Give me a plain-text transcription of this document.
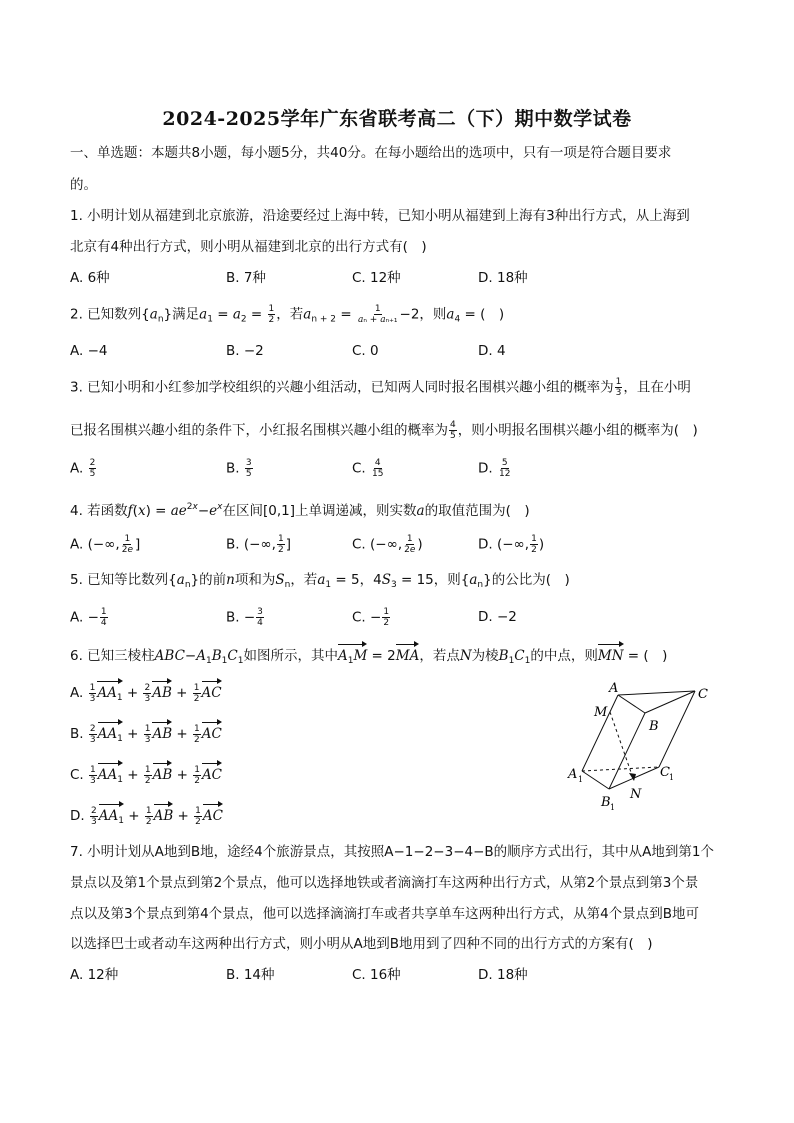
2024-2025学年广东省联考高二（下）期中数学试卷
一、单选题：本题共8小题，每小题5分，共40分。在每小题给出的选项中，只有一项是符合题目要求
的。
1. 小明计划从福建到北京旅游，沿途要经过上海中转，已知小明从福建到上海有3种出行方式，从上海到
北京有4种出行方式，则小明从福建到北京的出行方式有(　)
A. 6种	B. 7种	C. 12种	D. 18种
2. 已知数列$\{a_n\}$满足$a_1 = a_2 = \frac{1}{2}$ ，若$a_{n + 2} = \frac{1}{\text{aₙ + aₙ₊₁}} -2$，则$a_4$ = (　)
A. −4	B. −2	C. 0	D. 4
3. 已知小明和小红参加学校组织的兴趣小组活动，已知两人同时报名围棋兴趣小组的概率为 $\frac{1}{3}$ ，且在小明
已报名围棋兴趣小组的条件下，小红报名围棋兴趣小组的概率为 $\frac{4}{5}$ ，则小明报名围棋兴趣小组的概率为(　)
A. $\frac{2}{5}$	B. $\frac{3}{5}$	C. $\frac{4}{15}$	D. $\frac{5}{12}$
4. 若函数$f(x) = ae^{2x}-e^x$在区间[0,1]上单调递减，则实数a的取值范围为(　)
A. (−∞, $\frac{1}{2e}$ ]	B. (−∞, $\frac{1}{2}$ ]	C. (−∞, $\frac{1}{2e}$ )	D. (−∞, $\frac{1}{2}$ )
5. 已知等比数列$\{a_n\}$的前n项和为$S_n$，若$a_1 = 5$，$4S_3 = 15$，则$\{a_n\}$的公比为(　)
A. − $\frac{1}{4}$	B. − $\frac{3}{4}$	C. − $\frac{1}{2}$	D. −2
6. 已知三棱柱$ABC-A_1B_1C_1$如图所示，其中$A_1M = 2MA$，若点N为棱$B_1C_1$的中点，则MN = (　)
A. $\frac{1}{3} AA_1 + \frac{2}{3}$ AB + $\frac{1}{2}$ AC
B. $\frac{2}{3} AA_1 + \frac{1}{3}$ AB + $\frac{1}{2}$ AC
C. $\frac{1}{3} AA_1 + \frac{1}{2}$ AB + $\frac{1}{2}$ AC
D. $\frac{2}{3} AA_1 + \frac{1}{2}$ AB + $\frac{1}{2}$ AC
A	C
B
M
A 1	C 1
B 1
N
7. 小明计划从A地到B地，途经4个旅游景点，其按照A−1−2−3−4−B的顺序方式出行，其中从A地到第1个
景点以及第1个景点到第2个景点，他可以选择地铁或者滴滴打车这两种出行方式，从第2个景点到第3个景
点以及第3个景点到第4个景点，他可以选择滴滴打车或者共享单车这两种出行方式，从第4个景点到B地可
以选择巴士或者动车这两种出行方式，则小明从A地到B地用到了四种不同的出行方式的方案有(　)
A. 12种	B. 14种	C. 16种	D. 18种
